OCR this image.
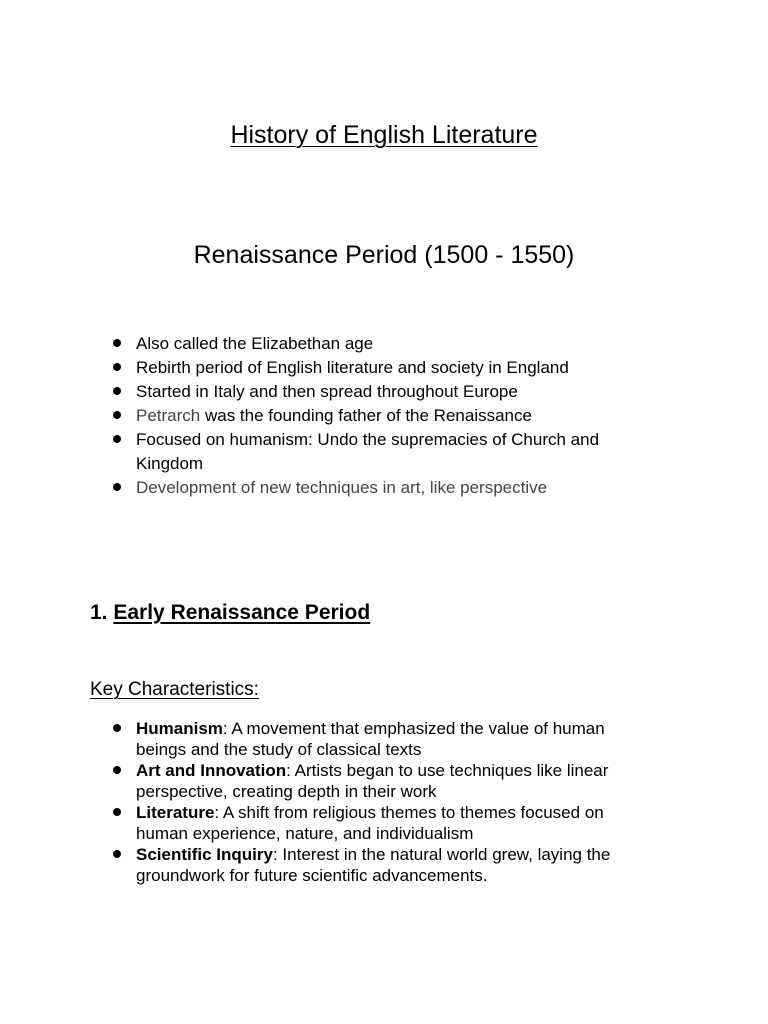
History of English Literature
Renaissance Period (1500 - 1550)
Also called the Elizabethan age
Rebirth period of English literature and society in England
Started in Italy and then spread throughout Europe
Petrarch was the founding father of the Renaissance
Focused on humanism: Undo the supremacies of Church and
Kingdom
Development of new techniques in art, like perspective
1. Early Renaissance Period
Key Characteristics:
Humanism: A movement that emphasized the value of human
beings and the study of classical texts
Art and Innovation: Artists began to use techniques like linear
perspective, creating depth in their work
Literature: A shift from religious themes to themes focused on
human experience, nature, and individualism
Scientific Inquiry: Interest in the natural world grew, laying the
groundwork for future scientific advancements.
